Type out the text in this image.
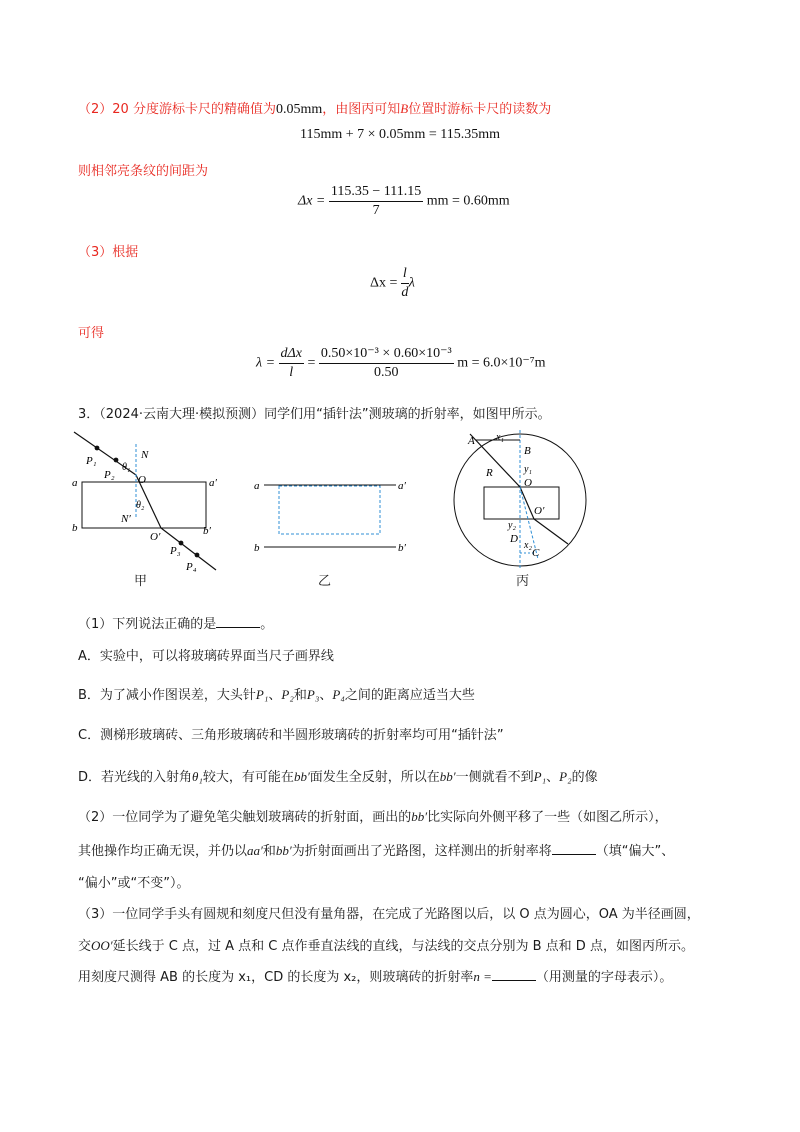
（2）20 分度游标卡尺的精确值为0.05mm，由图丙可知B位置时游标卡尺的读数为
115mm + 7 × 0.05mm = 115.35mm
则相邻亮条纹的间距为
$\Delta x = \frac{115.35 - 111.15}{7}$ mm = 0.60mm
（3）根据
$\Delta x = \frac{l}{d}$ λ
可得
$\lambda = \frac{\text{dΔx}}{l} = \frac{\text{0.50×10⁻³ × 0.60×10⁻³}}{0.50}$ m = 6.0×10⁻⁷m
3．（2024·云南大理·模拟预测）同学们用“插针法”测玻璃的折射率，如图甲所示。
P₁
P₂
P₃
P₄
N
N′
O
O′
θ₁
θ₂
a	a′
b	b′
甲
a	a′
b	b′
乙
A
B
x₁
y₁
R
O
O′
y₂
x₂
D
C
丙
（1）下列说法正确的是	。
A．实验中，可以将玻璃砖界面当尺子画界线
B．为了减小作图误差，大头针P₁、P₂和P₃、P₄之间的距离应适当大些
C．测梯形玻璃砖、三角形玻璃砖和半圆形玻璃砖的折射率均可用“插针法”
D．若光线的入射角θ₁较大，有可能在bb′面发生全反射，所以在bb′一侧就看不到P₁、P₂的像
（2）一位同学为了避免笔尖触划玻璃砖的折射面，画出的bb′比实际向外侧平移了一些（如图乙所示），
其他操作均正确无误，并仍以aa′和bb′为折射面画出了光路图，这样测出的折射率将	（填“偏大”、
“偏小”或“不变”）。
（3）一位同学手头有圆规和刻度尺但没有量角器，在完成了光路图以后，以 O 点为圆心，OA 为半径画圆，
交OO′延长线于 C 点，过 A 点和 C 点作垂直法线的直线，与法线的交点分别为 B 点和 D 点，如图丙所示。
用刻度尺测得 AB 的长度为 x₁，CD 的长度为 x₂，则玻璃砖的折射率n =	（用测量的字母表示）。
